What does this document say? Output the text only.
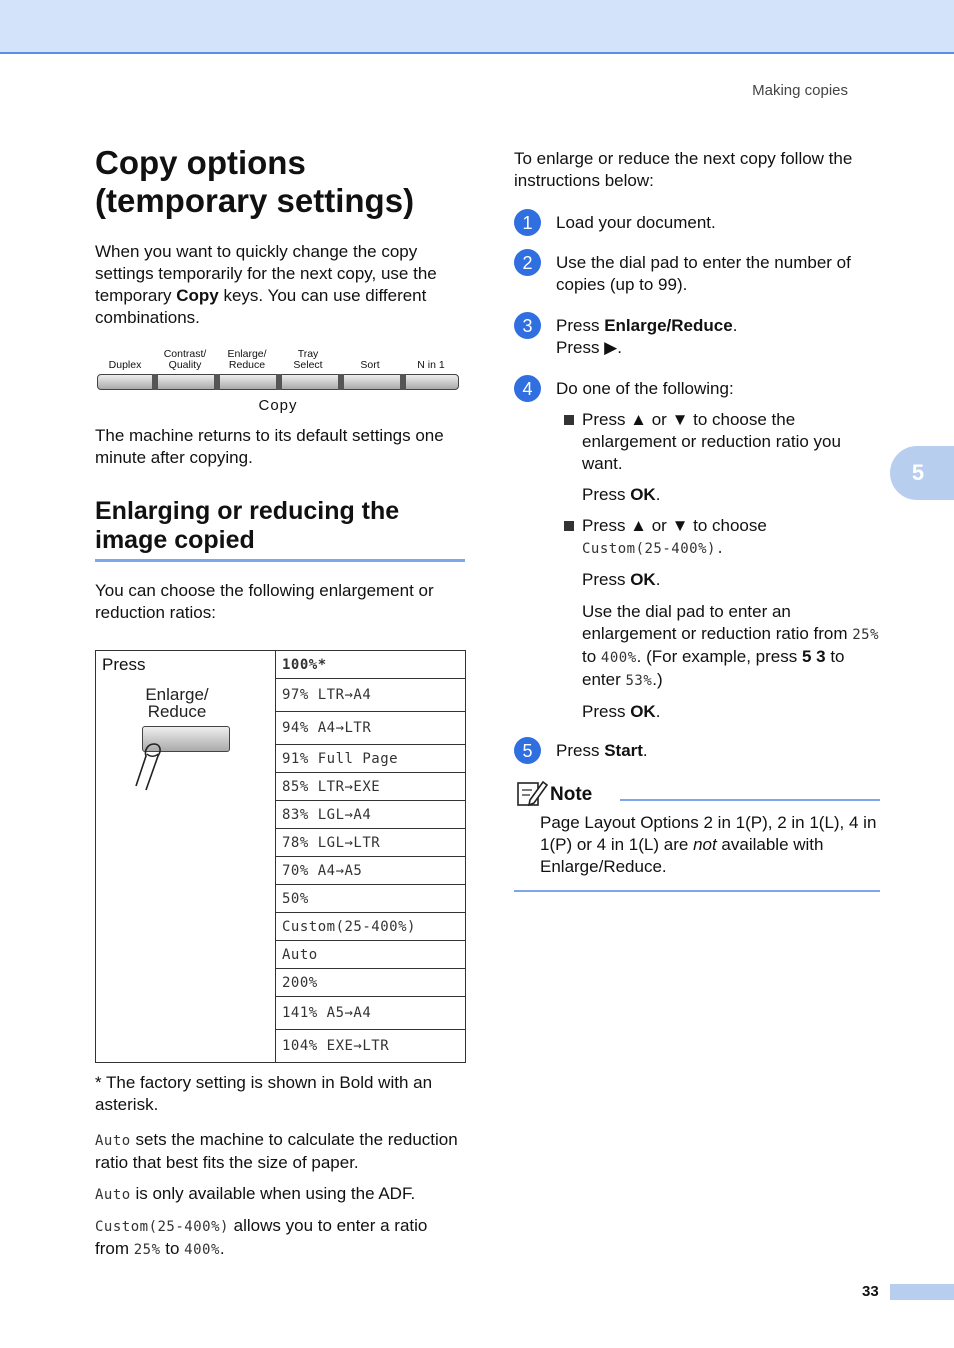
Making copies
5
33
Copy options
(temporary settings)

When you want to quickly change the copy settings temporarily for the next copy, use the temporary Copy keys. You can use different combinations.

Duplex
Contrast/
Quality
Enlarge/
Reduce
Tray
Select	Sort	N in 1
Copy

The machine returns to its default settings one minute after copying.

Enlarging or reducing the
image copied

You can choose the following enlargement or reduction ratios:

Press
Enlarge/
Reduce
	100%*
97% LTR→A4
94% A4→LTR
91% Full Page
85% LTR→EXE
83% LGL→A4
78% LGL→LTR
70% A4→A5
50%
Custom(25-400%)
Auto
200%
141% A5→A4
104% EXE→LTR

* The factory setting is shown in Bold with an asterisk.

Auto sets the machine to calculate the reduction ratio that best fits the size of paper.

Auto is only available when using the ADF.

Custom(25-400%) allows you to enter a ratio from 25% to 400%.

To enlarge or reduce the next copy follow the instructions below:

1	Load your document.
2	Use the dial pad to enter the number of copies (up to 99).
3	Press Enlarge/Reduce.
Press ▶.
4	Do one of the following:
Press ▲ or ▼ to choose the enlargement or reduction ratio you want.

Press OK.

Press ▲ or ▼ to choose
Custom(25-400%).

Press OK.

Use the dial pad to enter an enlargement or reduction ratio from 25% to 400%. (For example, press 5 3 to enter 53%.)

Press OK.

5	Press Start.
Note
Page Layout Options 2 in 1(P), 2 in 1(L), 4 in 1(P) or 4 in 1(L) are not available with Enlarge/Reduce.
